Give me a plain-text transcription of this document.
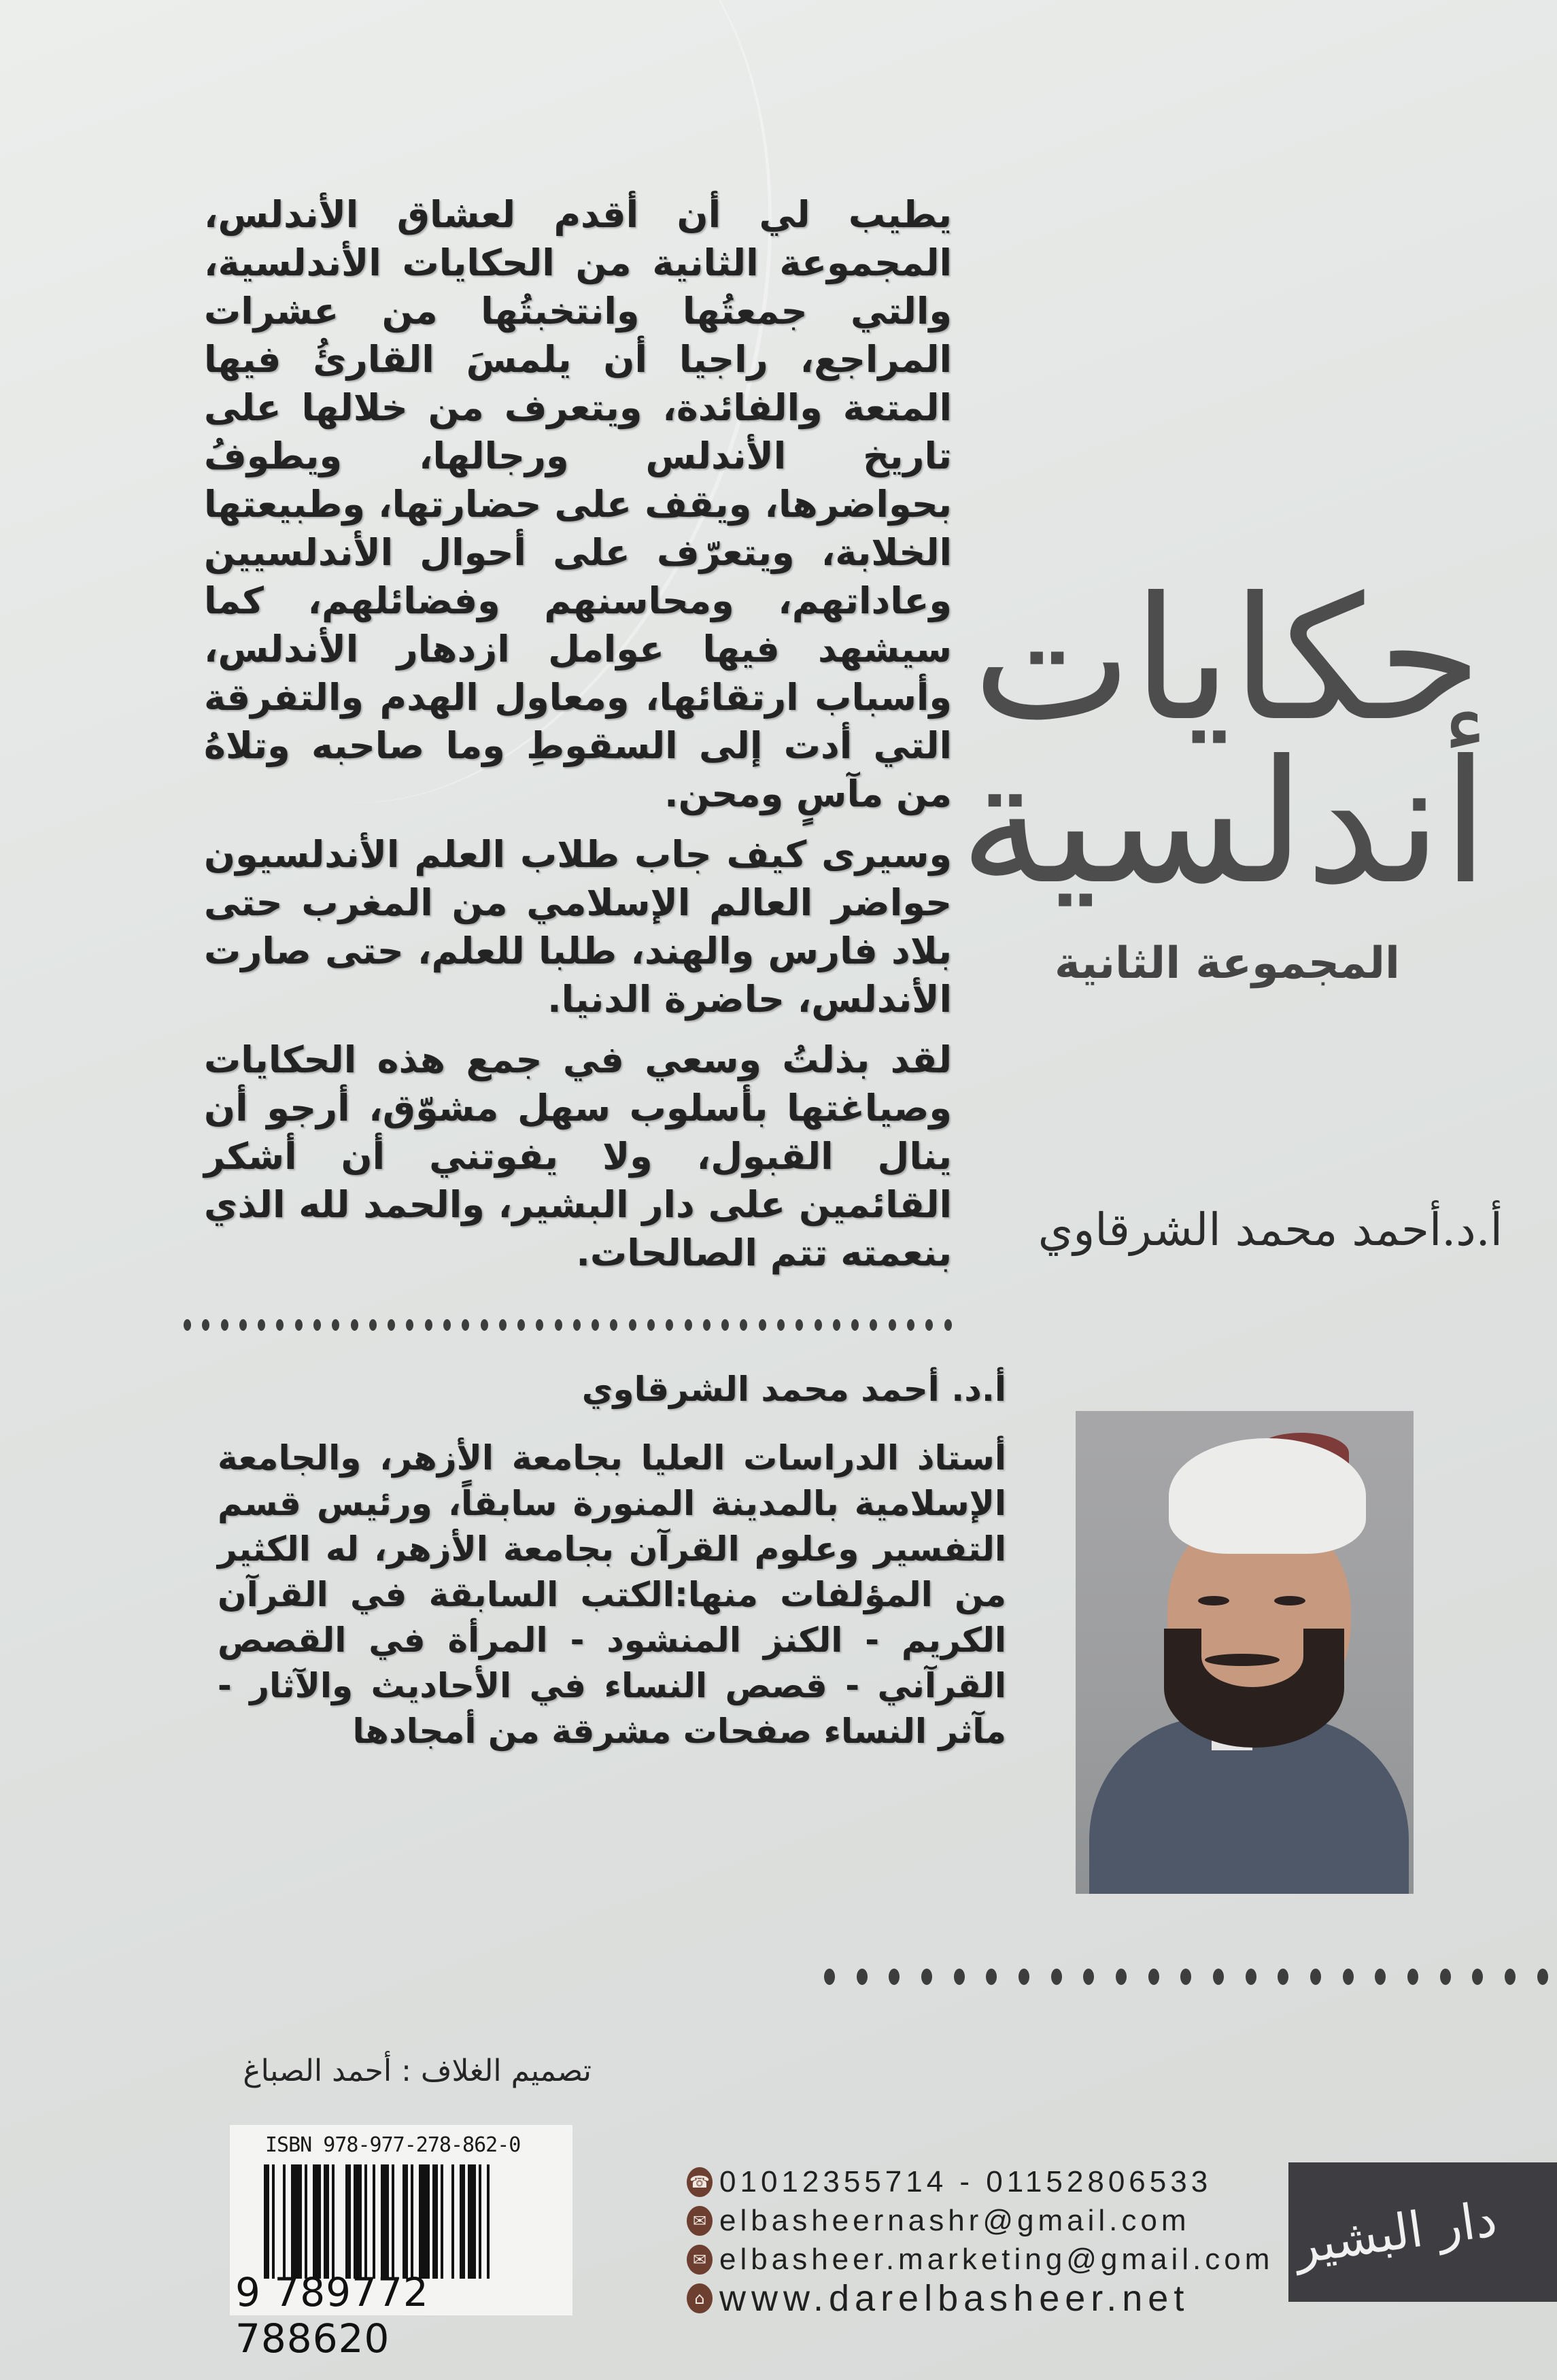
يطيب لي أن أقدم لعشاق الأندلس، المجموعة الثانية من الحكايات الأندلسية، والتي جمعتُها وانتخبتُها من عشرات المراجع، راجيا أن يلمسَ القارئُ فيها المتعة والفائدة، ويتعرف من خلالها على تاريخ الأندلس ورجالها، ويطوفُ بحواضرها، ويقف على حضارتها، وطبيعتها الخلابة، ويتعرّف على أحوال الأندلسيين وعاداتهم، ومحاسنهم وفضائلهم، كما سيشهد فيها عوامل ازدهار الأندلس، وأسباب ارتقائها، ومعاول الهدم والتفرقة التي أدت إلى السقوطِ وما صاحبه وتلاهُ من مآسٍ ومحن.

وسيرى كيف جاب طلاب العلم الأندلسيون حواضر العالم الإسلامي من المغرب حتى بلاد فارس والهند، طلبا للعلم، حتى صارت الأندلس، حاضرة الدنيا.

لقد بذلتُ وسعي في جمع هذه الحكايات وصياغتها بأسلوب سهل مشوّق، أرجو أن ينال القبول، ولا يفوتني أن أشكر القائمين على دار البشير، والحمد لله الذي بنعمته تتم الصالحات.

حكايات
أندلسية
المجموعة الثانية
أ.د.أحمد محمد الشرقاوي
أ.د. أحمد محمد الشرقاوي
أستاذ الدراسات العليا بجامعة الأزهر، والجامعة الإسلامية بالمدينة المنورة سابقاً، ورئيس قسم التفسير وعلوم القرآن بجامعة الأزهر، له الكثير من المؤلفات منها:الكتب السابقة في القرآن الكريم - الكنز المنشود - المرأة في القصص القرآني - قصص النساء في الأحاديث والآثار - مآثر النساء صفحات مشرقة من أمجادها
تصميم الغلاف : أحمد الصباغ
ISBN 978-977-278-862-0
9 789772 788620
☎ 01012355714 - 01152806533
✉ elbasheernashr@gmail.com
✉ elbasheer.marketing@gmail.com
⌂ www.darelbasheer.net
دار البشير
